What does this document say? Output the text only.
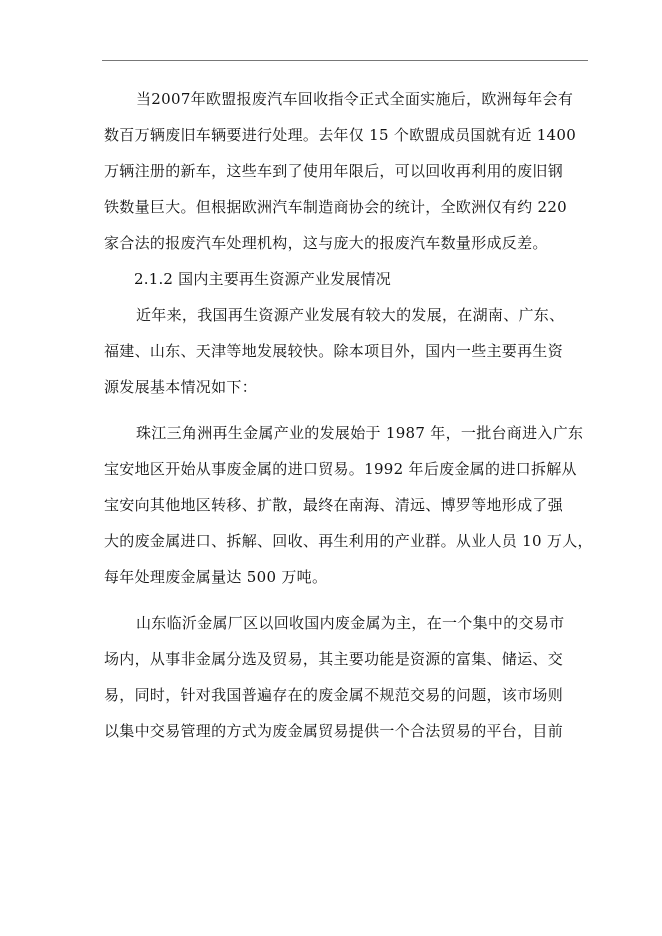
当2007年欧盟报废汽车回收指令正式全面实施后，欧洲每年会有
数百万辆废旧车辆要进行处理。去年仅 15 个欧盟成员国就有近 1400
万辆注册的新车，这些车到了使用年限后，可以回收再利用的废旧钢
铁数量巨大。但根据欧洲汽车制造商协会的统计，全欧洲仅有约 220
家合法的报废汽车处理机构，这与庞大的报废汽车数量形成反差。
2.1.2 国内主要再生资源产业发展情况
近年来，我国再生资源产业发展有较大的发展，在湖南、广东、
福建、山东、天津等地发展较快。除本项目外，国内一些主要再生资
源发展基本情况如下：
珠江三角洲再生金属产业的发展始于 1987 年，一批台商进入广东
宝安地区开始从事废金属的进口贸易。1992 年后废金属的进口拆解从
宝安向其他地区转移、扩散，最终在南海、清远、博罗等地形成了强
大的废金属进口、拆解、回收、再生利用的产业群。从业人员 10 万人，
每年处理废金属量达 500 万吨。
山东临沂金属厂区以回收国内废金属为主，在一个集中的交易市
场内，从事非金属分选及贸易，其主要功能是资源的富集、储运、交
易，同时，针对我国普遍存在的废金属不规范交易的问题，该市场则
以集中交易管理的方式为废金属贸易提供一个合法贸易的平台，目前
